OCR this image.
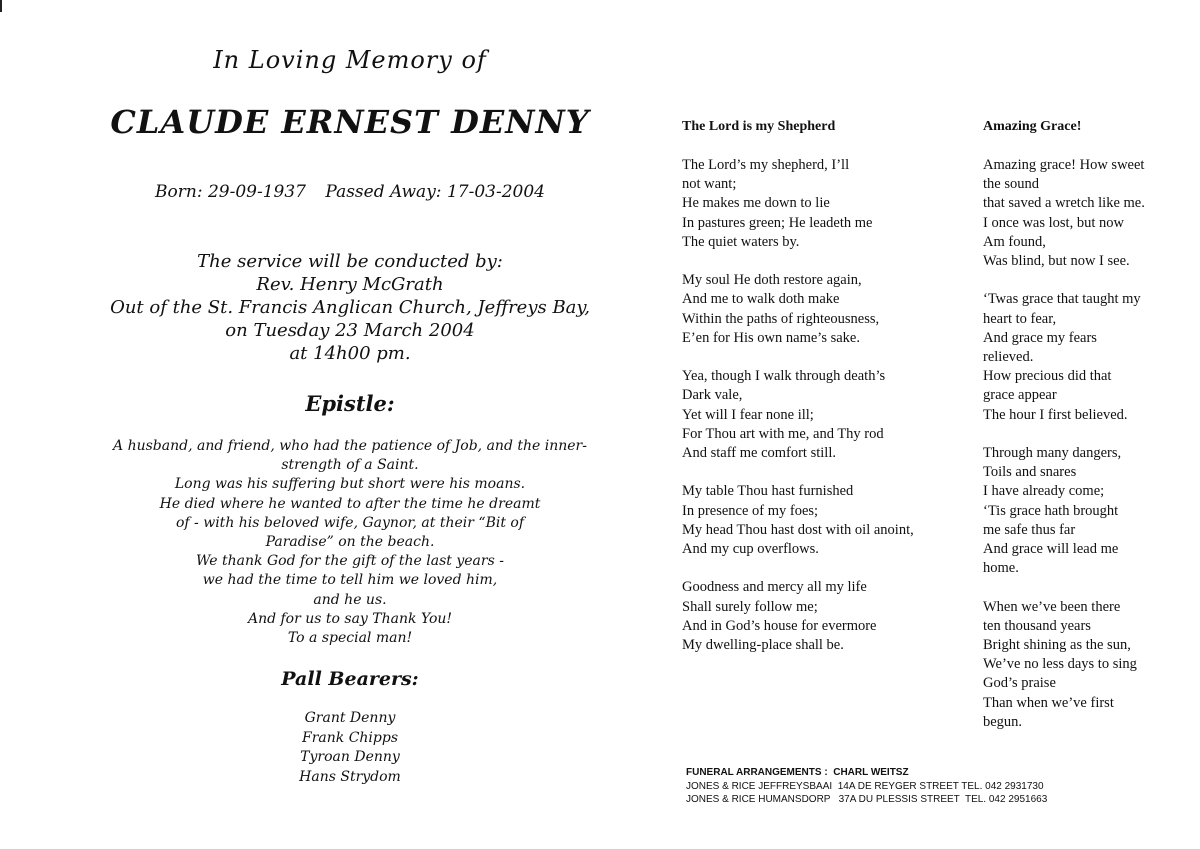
In Loving Memory of
CLAUDE ERNEST DENNY
Born: 29-09-1937 Passed Away: 17-03-2004
The service will be conducted by:
Rev. Henry McGrath
Out of the St. Francis Anglican Church, Jeffreys Bay,
on Tuesday 23 March 2004
at 14h00 pm.
Epistle:
A husband, and friend, who had the patience of Job, and the inner-
strength of a Saint.
Long was his suffering but short were his moans.
He died where he wanted to after the time he dreamt
of - with his beloved wife, Gaynor, at their “Bit of
Paradise” on the beach.
We thank God for the gift of the last years -
we had the time to tell him we loved him,
and he us.
And for us to say Thank You!
To a special man!
Pall Bearers:
Grant Denny
Frank Chipps
Tyroan Denny
Hans Strydom
The Lord is my Shepherd
The Lord’s my shepherd, I’ll
not want;
He makes me down to lie
In pastures green; He leadeth me
The quiet waters by.
My soul He doth restore again,
And me to walk doth make
Within the paths of righteousness,
E’en for His own name’s sake.
Yea, though I walk through death’s
Dark vale,
Yet will I fear none ill;
For Thou art with me, and Thy rod
And staff me comfort still.
My table Thou hast furnished
In presence of my foes;
My head Thou hast dost with oil anoint,
And my cup overflows.
Goodness and mercy all my life
Shall surely follow me;
And in God’s house for evermore
My dwelling-place shall be.
Amazing Grace!
Amazing grace! How sweet
the sound
that saved a wretch like me.
I once was lost, but now
Am found,
Was blind, but now I see.
‘Twas grace that taught my
heart to fear,
And grace my fears
relieved.
How precious did that
grace appear
The hour I first believed.
Through many dangers,
Toils and snares
I have already come;
‘Tis grace hath brought
me safe thus far
And grace will lead me
home.
When we’ve been there
ten thousand years
Bright shining as the sun,
We’ve no less days to sing
God’s praise
Than when we’ve first
begun.
FUNERAL ARRANGEMENTS :  CHARL WEITSZ
JONES & RICE JEFFREYSBAAI  14A DE REYGER STREET TEL. 042 2931730
JONES & RICE HUMANSDORP   37A DU PLESSIS STREET  TEL. 042 2951663
